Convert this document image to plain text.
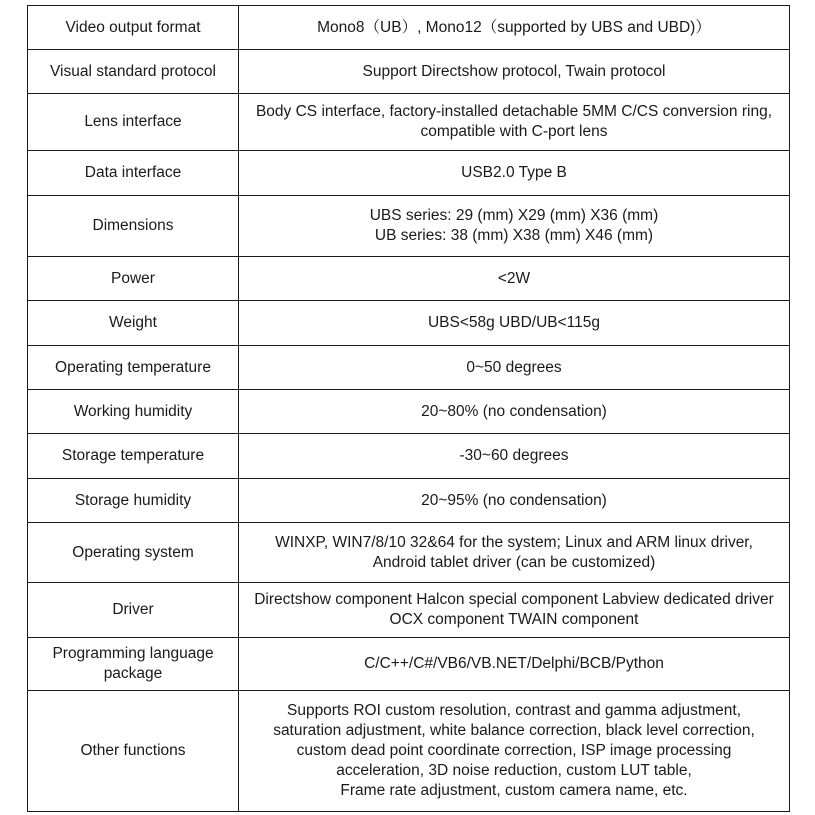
Video output format	Mono8（UB）, Mono12（supported by UBS and UBD)）

Visual standard protocol	Support Directshow protocol, Twain protocol

Lens interface	Body CS interface, factory-installed detachable 5MM C/CS conversion ring,
compatible with C-port lens

Data interface	USB2.0 Type B

Dimensions	UBS series: 29 (mm) X29 (mm) X36 (mm)
UB series: 38 (mm) X38 (mm) X46 (mm)

Power	<2W

Weight	UBS<58g UBD/UB<115g

Operating temperature	0~50 degrees

Working humidity	20~80% (no condensation)

Storage temperature	-30~60 degrees

Storage humidity	20~95% (no condensation)

Operating system	WINXP, WIN7/8/10 32&64 for the system; Linux and ARM linux driver,
Android tablet driver (can be customized)

Driver	Directshow component Halcon special component Labview dedicated driver
OCX component TWAIN component

Programming language
package	C/C++/C#/VB6/VB.NET/Delphi/BCB/Python

Other functions	Supports ROI custom resolution, contrast and gamma adjustment,
saturation adjustment, white balance correction, black level correction,
custom dead point coordinate correction, ISP image processing
acceleration, 3D noise reduction, custom LUT table,
Frame rate adjustment, custom camera name, etc.
